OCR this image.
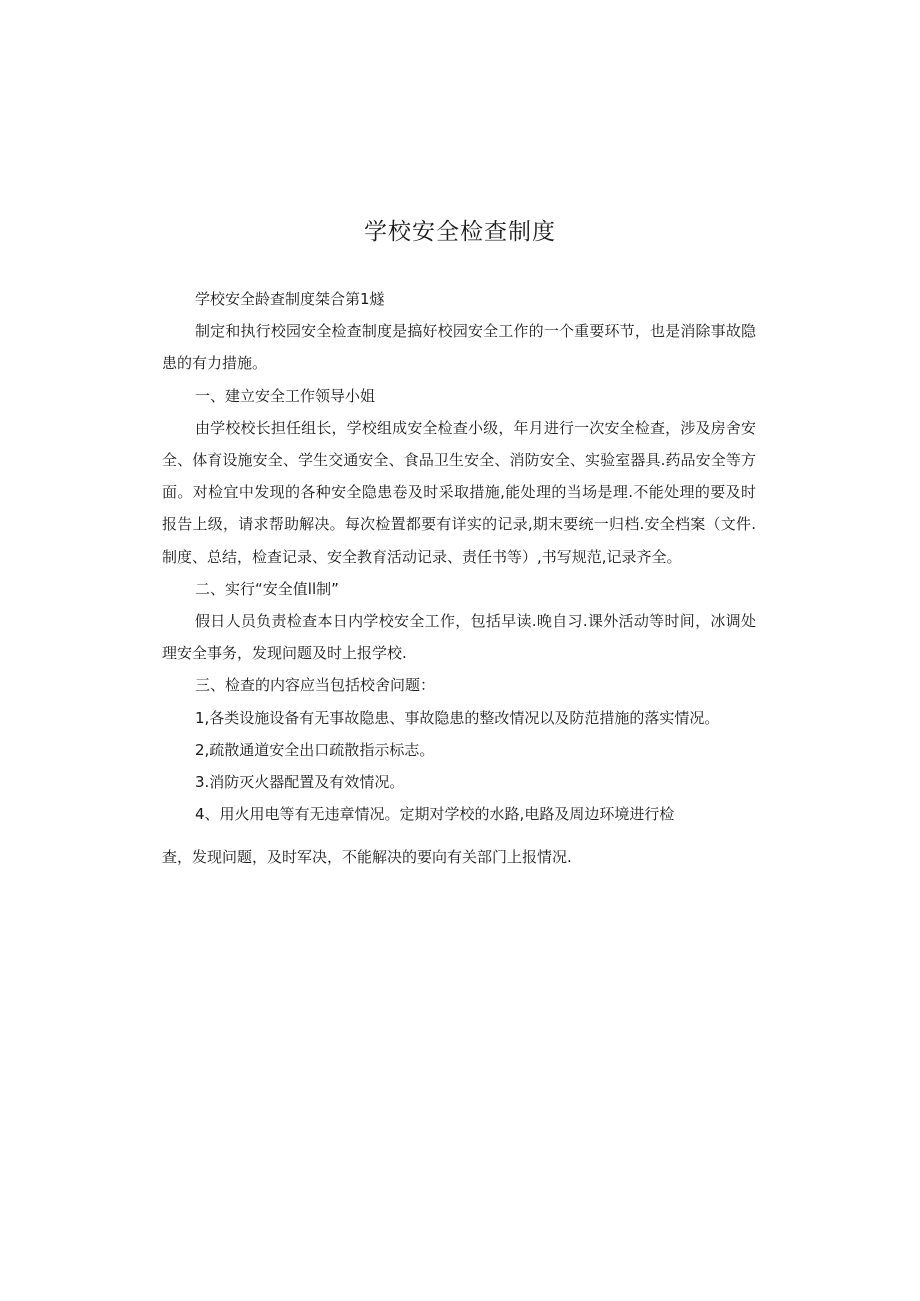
学校安全检查制度

学校安全龄查制度桀合第1燧

制定和执行校园安全检查制度是搞好校园安全工作的一个重要环节，也是消除事故隐患的有力措施。

一、建立安全工作领导小姐

由学校校长担任组长，学校组成安全检查小级，年月进行一次安全检查，涉及房舍安全、体育设施安全、学生交通安全、食品卫生安全、消防安全、实验室器具.药品安全等方面。对检宜中发现的各种安全隐患卷及时采取措施,能处理的当场是理.不能处理的要及时报告上级，请求帮助解决。每次检置都要有详实的记录,期末要统一归档.安全档案（文件.制度、总结，检查记录、安全教育活动记录、责任书等）,书写规范,记录齐全。

二、实行“安全值ll制”

假日人员负责检查本日内学校安全工作，包括早读.晚自习.课外活动等时间，冰调处理安全事务，发现问题及时上报学校.

三、检查的内容应当包括校舍问题：

1,各类设施设备有无事故隐患、事故隐患的整改情况以及防范措施的落实情况。

2,疏散通道安全出口疏散指示标志。

3.消防灭火器配置及有效情况。

4、用火用电等有无违章情况。定期对学校的水路,电路及周边环境进行检

查，发现问题，及时军决，不能解决的要向有关部门上报情况.
